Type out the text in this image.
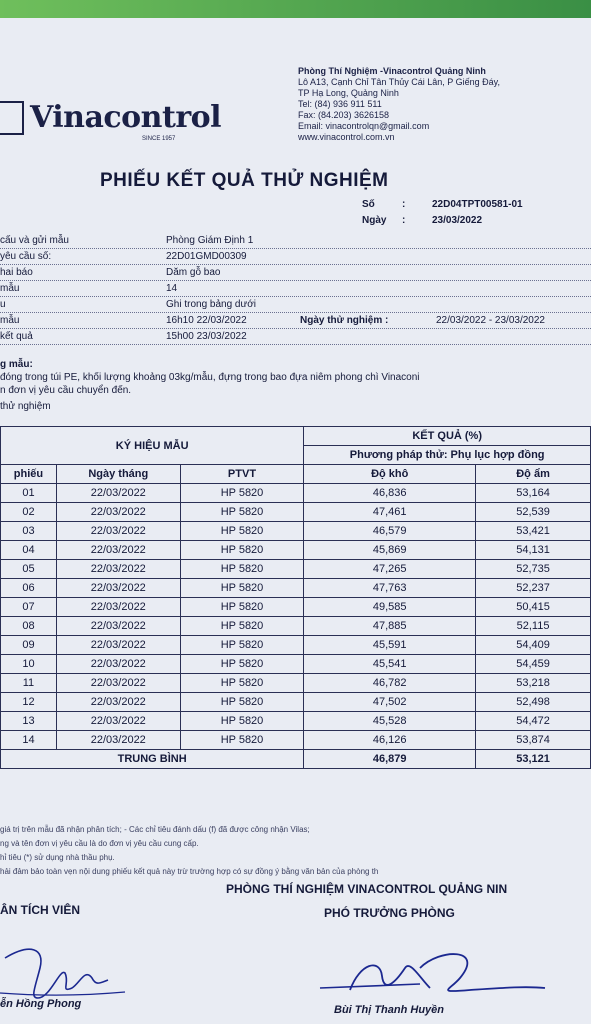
Vinacontrol
SINCE 1957
Phòng Thí Nghiệm -Vinacontrol Quảng Ninh
Lô A13, Cạnh Chỉ Tân Thủy Cái Lân, P Giếng Đáy,
TP Hạ Long, Quảng Ninh
Tel: (84) 936 911 511
Fax: (84.203) 3626158
Email: vinacontrolqn@gmail.com
www.vinacontrol.com.vn
PHIẾU KẾT QUẢ THỬ NGHIỆM
Số	:	22D04TPT00581-01
Ngày	:	23/03/2022
cấu và gửi mẫu	Phòng Giám Định 1
yêu cầu số:	22D01GMD00309
hai báo	Dăm gỗ bao
mẫu	14
u	Ghi trong bảng dưới
mẫu	16h10 22/03/2022	Ngày thử nghiệm :	22/03/2022 - 23/03/2022
kết quả	15h00 23/03/2022
g mẫu:
đóng trong túi PE, khối lượng khoảng 03kg/mẫu, đựng trong bao đựa niêm phong chì Vinaconi
n đơn vị yêu cầu chuyển đến.
thử nghiệm
KÝ HIỆU MẪU			KẾT QUẢ (%)	
			Phương pháp thử: Phụ lục hợp đồng	
phiếu	Ngày tháng	PTVT	Độ khô	Độ ẩm
01	22/03/2022	HP 5820	46,836	53,164
02	22/03/2022	HP 5820	47,461	52,539
03	22/03/2022	HP 5820	46,579	53,421
04	22/03/2022	HP 5820	45,869	54,131
05	22/03/2022	HP 5820	47,265	52,735
06	22/03/2022	HP 5820	47,763	52,237
07	22/03/2022	HP 5820	49,585	50,415
08	22/03/2022	HP 5820	47,885	52,115
09	22/03/2022	HP 5820	45,591	54,409
10	22/03/2022	HP 5820	45,541	54,459
11	22/03/2022	HP 5820	46,782	53,218
12	22/03/2022	HP 5820	47,502	52,498
13	22/03/2022	HP 5820	45,528	54,472
14	22/03/2022	HP 5820	46,126	53,874
TRUNG BÌNH			46,879	53,121
giá trị trên mẫu đã nhận phân tích; - Các chỉ tiêu đánh dấu (f) đã được công nhận Vilas;
ng và tên đơn vị yêu cầu là do đơn vị yêu cầu cung cấp.
hỉ tiêu (*) sử dụng nhà thầu phụ.
hải đảm bảo toàn vẹn nội dung phiếu kết quả này trừ trường hợp có sự đồng ý bằng văn bản của phòng th
PHÒNG THÍ NGHIỆM VINACONTROL QUẢNG NIN
PHÓ TRƯỞNG PHÒNG
ÂN TÍCH VIÊN
ễn Hồng Phong	Bùi Thị Thanh Huyền
